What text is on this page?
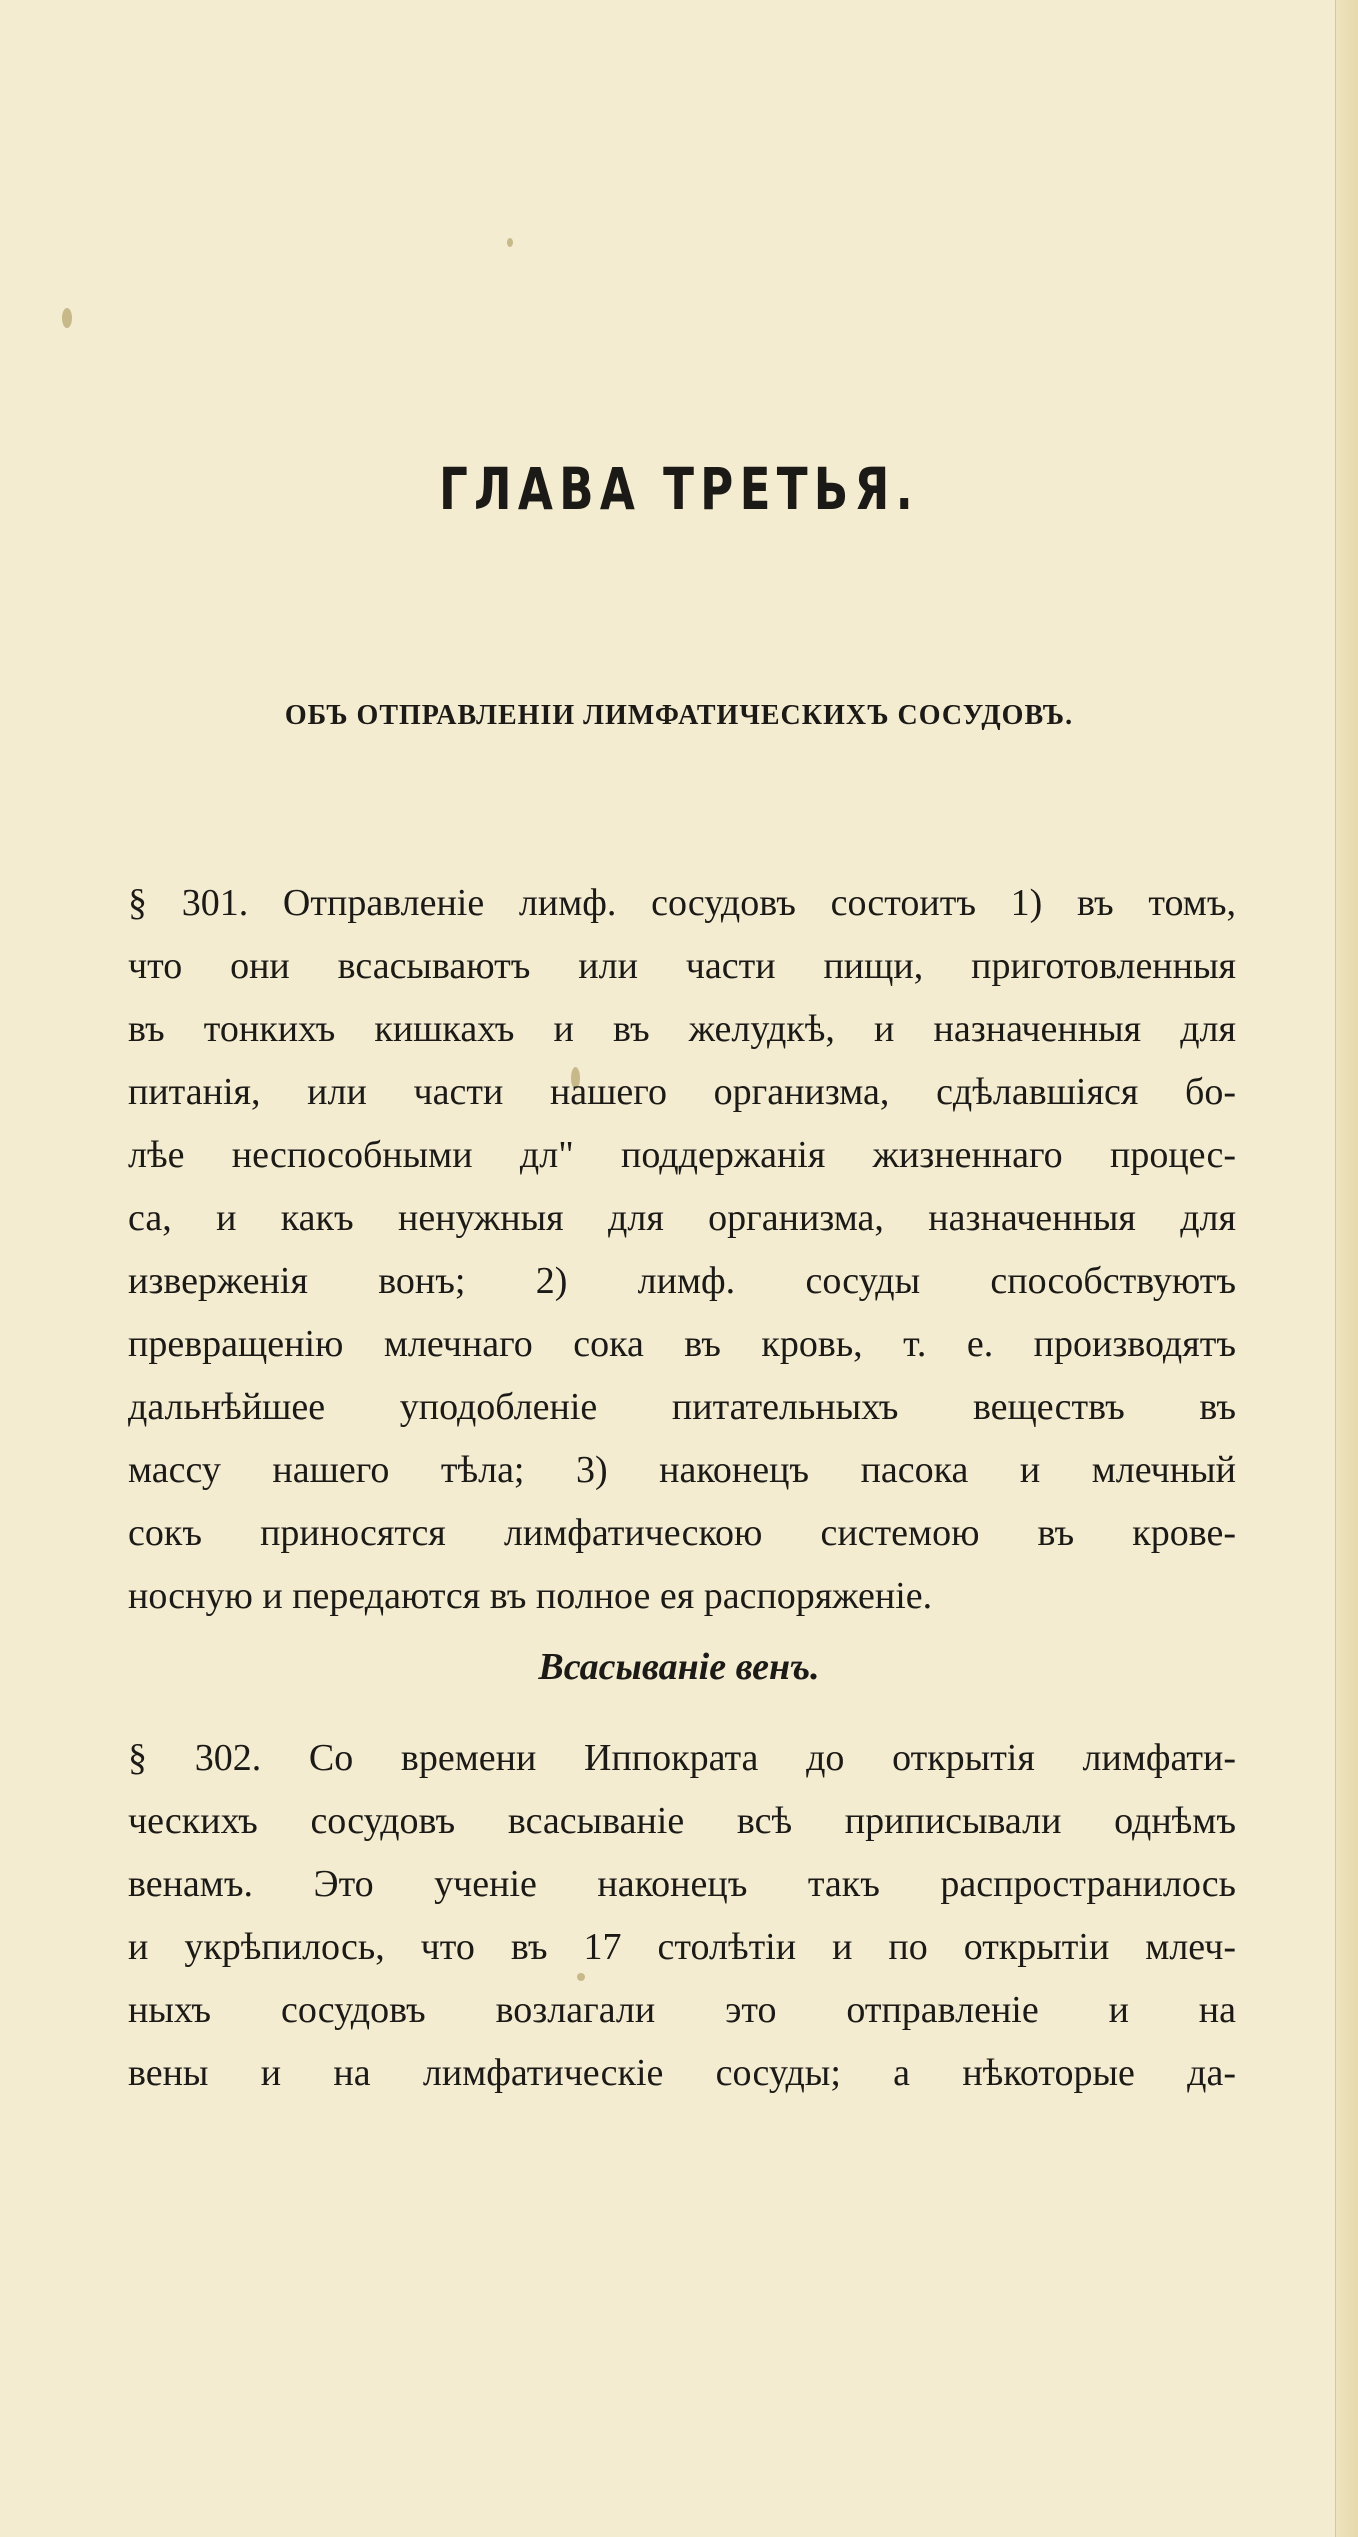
ГЛАВА ТРЕТЬЯ.
ОБЪ ОТПРАВЛЕНІИ ЛИМФАТИЧЕСКИХЪ СОСУДОВЪ.
§ 301. Отправленіе лимф. сосудовъ состоитъ 1) въ томъ,
что они всасываютъ или части пищи, приготовленныя
въ тонкихъ кишкахъ и въ желудкѣ, и назначенныя для
питанія, или части нашего организма, сдѣлавшіяся бо-
лѣе неспособными дл" поддержанія жизненнаго процес-
са, и какъ ненужныя для организма, назначенныя для
изверженія вонъ; 2) лимф. сосуды способствуютъ
превращенію млечнаго сока въ кровь, т. е. производятъ
дальнѣйшее уподобленіе питательныхъ веществъ въ
массу нашего тѣла; 3) наконецъ пасока и млечный
сокъ приносятся лимфатическою системою въ крове-
носную и передаются въ полное ея распоряженіе.
Всасываніе венъ.
§ 302. Со времени Иппократа до открытія лимфати-
ческихъ сосудовъ всасываніе всѣ приписывали однѣмъ
венамъ. Это ученіе наконецъ такъ распространилось
и укрѣпилось, что въ 17 столѣтіи и по открытіи млеч-
ныхъ сосудовъ возлагали это отправленіе и на
вены и на лимфатическіе сосуды; а нѣкоторые да-
